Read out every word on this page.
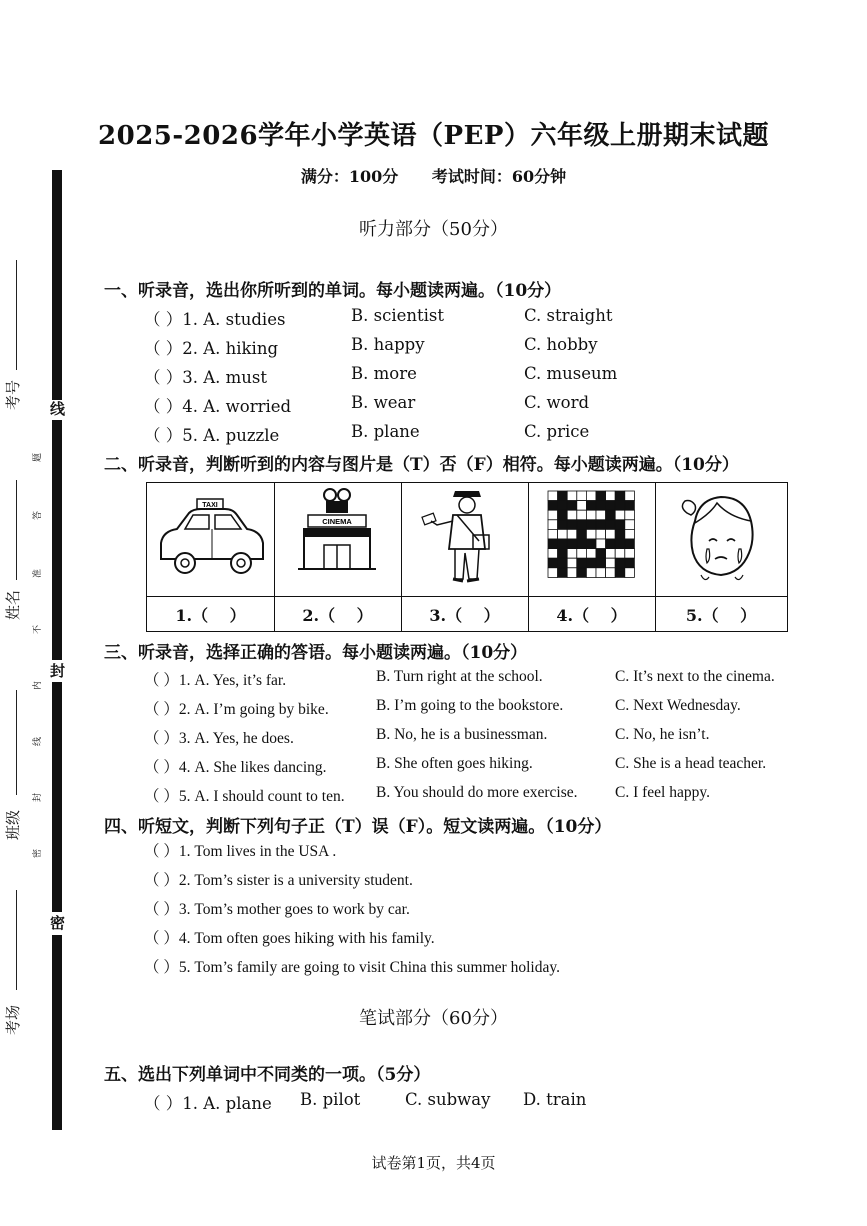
线
封
密
考号
姓名
班级
考场
题
答
准
不
内
线
封
密
2025-2026学年小学英语（PEP）六年级上册期末试题
满分：100分 考试时间：60分钟
听力部分（50分）
一、听录音，选出你所听到的单词。每小题读两遍。（10分）
（ ）1. A. studies	B. scientist	C. straight
（ ）2. A. hiking	B. happy	C. hobby
（ ）3. A. must	B. more	C. museum
（ ）4. A. worried	B. wear	C. word
（ ）5. A. puzzle	B. plane	C. price
二、听录音，判断听到的内容与图片是（T）否（F）相符。每小题读两遍。（10分）
TAXI
1.（　 ）
CINEMA
2.（　 ）	3.（　 ）	4.（　 ）	5.（　 ）
三、听录音，选择正确的答语。每小题读两遍。（10分）
（ ）1. A. Yes, it’s far.	B. Turn right at the school.	C. It’s next to the cinema.
（ ）2. A. I’m going by bike.	B. I’m going to the bookstore.	C. Next Wednesday.
（ ）3. A. Yes, he does.	B. No, he is a businessman.	C. No, he isn’t.
（ ）4. A. She likes dancing.	B. She often goes hiking.	C. She is a head teacher.
（ ）5. A. I should count to ten. B. You should do more exercise. C. I feel happy.
四、听短文，判断下列句子正（T）误（F）。短文读两遍。（10分）
（ ）1. Tom lives in the USA .
（ ）2. Tom’s sister is a university student.
（ ）3. Tom’s mother goes to work by car.
（ ）4. Tom often goes hiking with his family.
（ ）5. Tom’s family are going to visit China this summer holiday.
笔试部分（60分）
五、选出下列单词中不同类的一项。（5分）
（ ）1. A. plane B. pilot	C. subway D. train
试卷第1页，共4页
